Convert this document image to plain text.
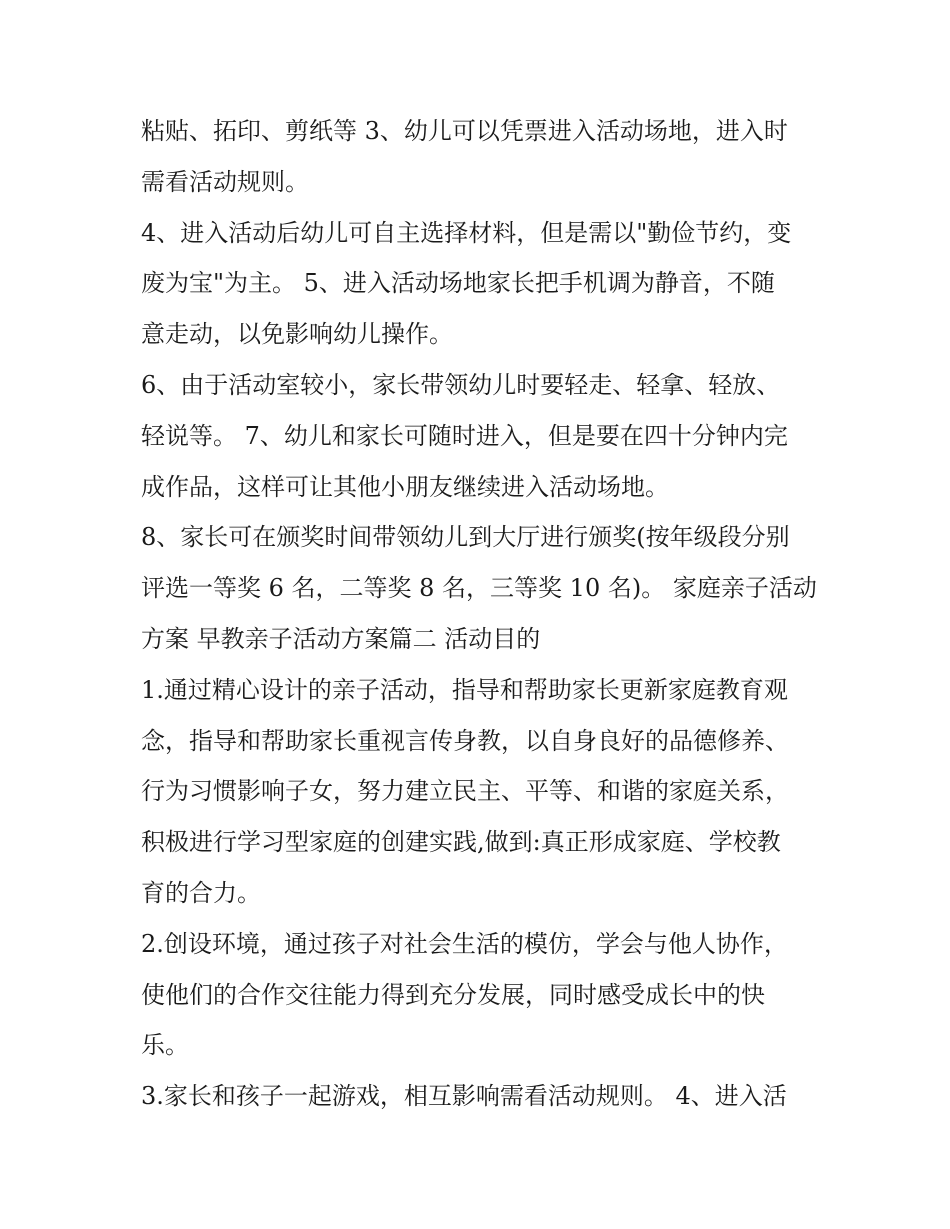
粘贴、拓印、剪纸等 3、幼儿可以凭票进入活动场地，进入时
需看活动规则。
4、进入活动后幼儿可自主选择材料，但是需以"勤俭节约，变
废为宝"为主。 5、进入活动场地家长把手机调为静音，不随
意走动，以免影响幼儿操作。
6、由于活动室较小，家长带领幼儿时要轻走、轻拿、轻放、
轻说等。 7、幼儿和家长可随时进入，但是要在四十分钟内完
成作品，这样可让其他小朋友继续进入活动场地。
8、家长可在颁奖时间带领幼儿到大厅进行颁奖(按年级段分别
评选一等奖 6 名，二等奖 8 名，三等奖 10 名)。 家庭亲子活动
方案 早教亲子活动方案篇二 活动目的
1.通过精心设计的亲子活动，指导和帮助家长更新家庭教育观
念，指导和帮助家长重视言传身教，以自身良好的品德修养、
行为习惯影响子女，努力建立民主、平等、和谐的家庭关系，
积极进行学习型家庭的创建实践,做到:真正形成家庭、学校教
育的合力。
2.创设环境，通过孩子对社会生活的模仿，学会与他人协作，
使他们的合作交往能力得到充分发展，同时感受成长中的快
乐。
3.家长和孩子一起游戏，相互影响需看活动规则。 4、进入活
